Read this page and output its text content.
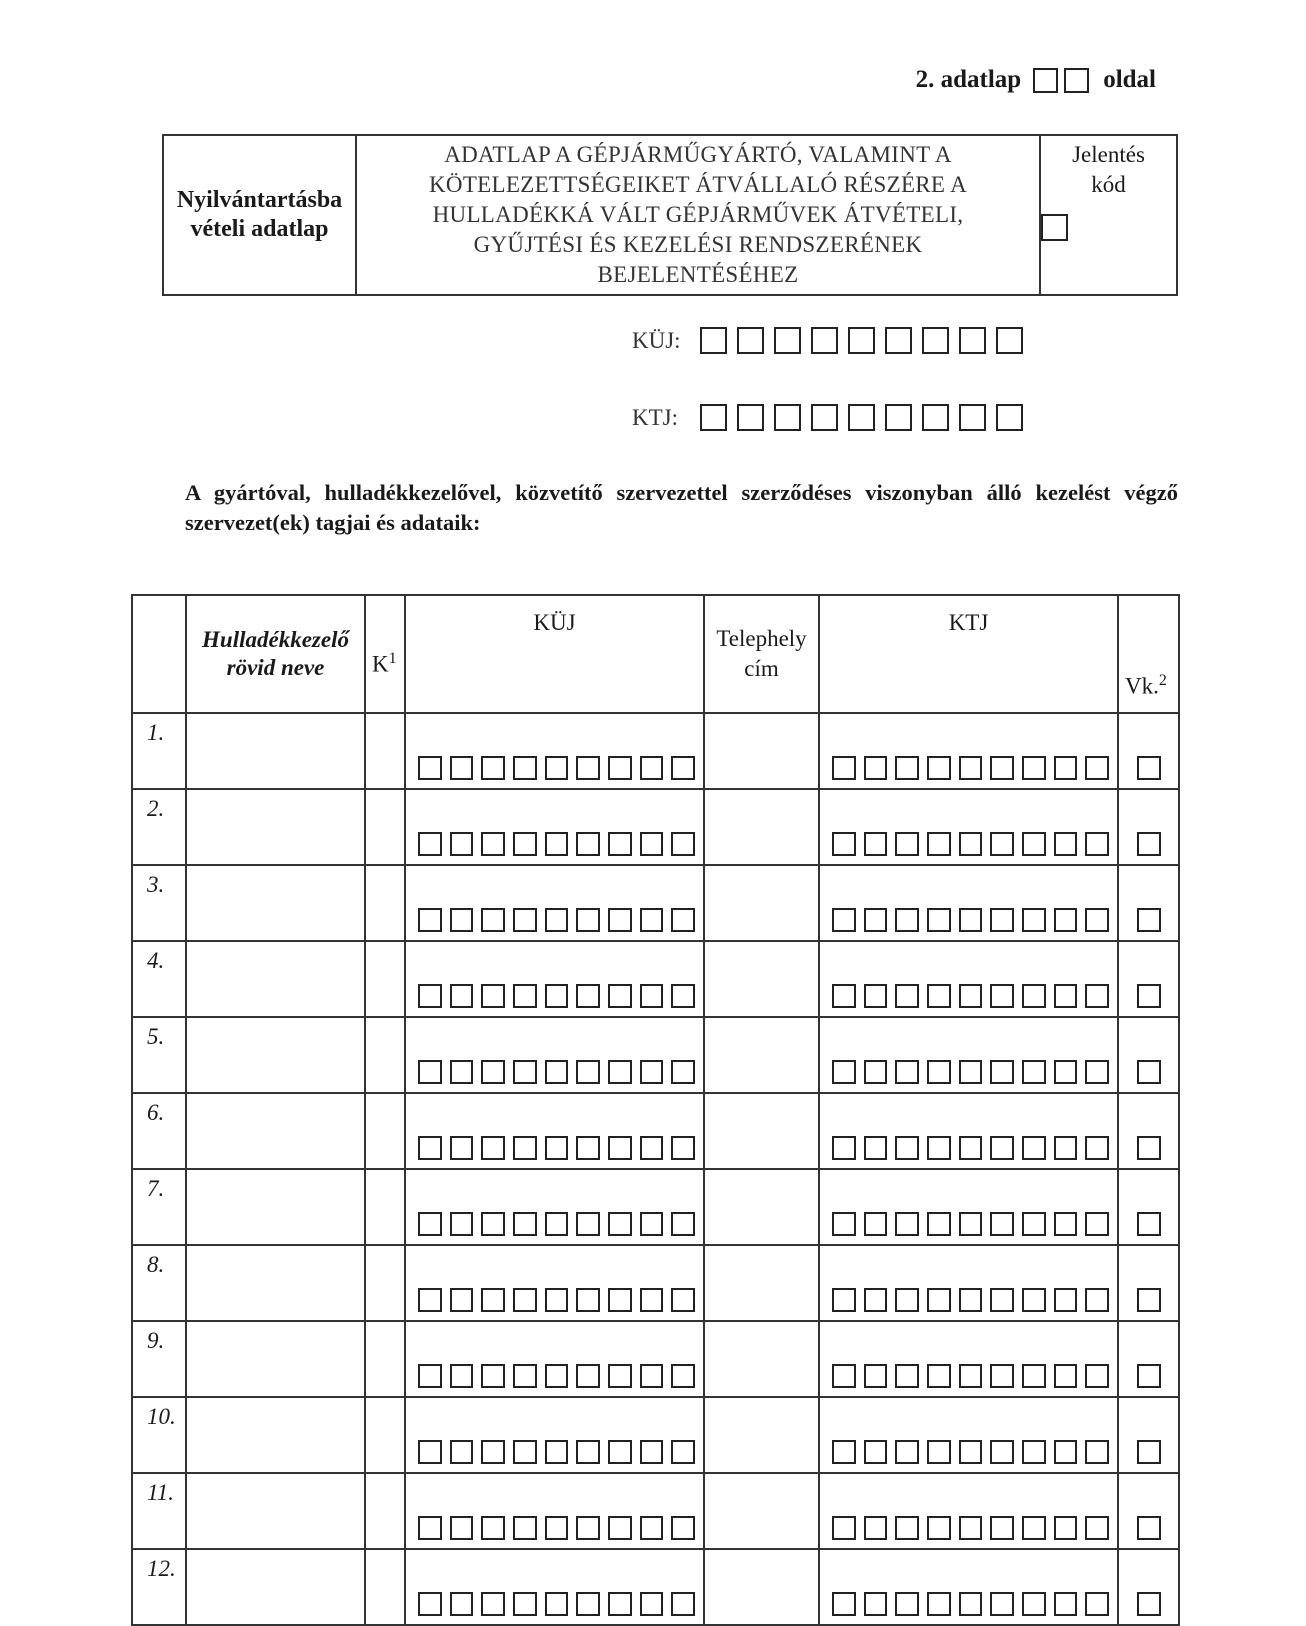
2. adatlap	oldal
Nyilvántartásba vételi adatlap
ADATLAP A GÉPJÁRMŰGYÁRTÓ, VALAMINT A
KÖTELEZETTSÉGEIKET ÁTVÁLLALÓ RÉSZÉRE A
HULLADÉKKÁ VÁLT GÉPJÁRMŰVEK ÁTVÉTELI,
GYŰJTÉSI ÉS KEZELÉSI RENDSZERÉNEK
BEJELENTÉSÉHEZ
Jelentés
kód
KÜJ:
KTJ:
A gyártóval, hulladékkezelővel, közvetítő szervezettel szerződéses viszonyban álló kezelést végző szervezet(ek) tagjai és adataik:
	Hulladékkezelő rövid neve	$K^1$	KÜJ	Telephely cím	KTJ	Vk.$^2$
1.			

2.			

3.			

4.			

5.			

6.			

7.			

8.			

9.			

10.			

11.			

12.			
